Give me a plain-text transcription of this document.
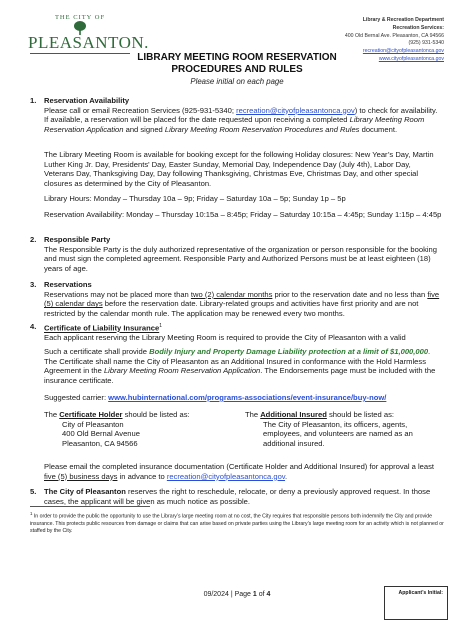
THE CITY OF
PLEASANTON.
Library & Recreation Department
Recreation Services:
400 Old Bernal Ave. Pleasanton, CA 94566
(925) 931-5340
recreation@cityofpleasantonca.gov
www.cityofpleasantonca.gov
LIBRARY MEETING ROOM RESERVATION
PROCEDURES AND RULES
Please initial on each page
1. Reservation Availability
Please call or email Recreation Services (925-931-5340; recreation@cityofpleasantonca.gov) to check for availability. If available, a reservation will be placed for the date requested upon receiving a completed Library Meeting Room Reservation Application and signed Library Meeting Room Reservation Procedures and Rules document.
The Library Meeting Room is available for booking except for the following Holiday closures: New Year’s Day, Martin Luther King Jr. Day, Presidents' Day, Easter Sunday, Memorial Day, Independence Day (July 4th), Labor Day, Veterans Day, Thanksgiving Day, Day following Thanksgiving, Christmas Eve, Christmas Day, and other special closures as determined by the City of Pleasanton.
Library Hours: Monday – Thursday 10a – 9p; Friday – Saturday 10a – 5p; Sunday 1p – 5p
Reservation Availability: Monday – Thursday 10:15a – 8:45p; Friday – Saturday 10:15a – 4:45p; Sunday 1:15p – 4:45p
2. Responsible Party
The Responsible Party is the duly authorized representative of the organization or person responsible for the booking and must sign the completed agreement. Responsible Party and Authorized Persons must be at least eighteen (18) years of age.
3. Reservations
Reservations may not be placed more than two (2) calendar months prior to the reservation date and no less than five (5) calendar days before the reservation date. Library-related groups and activities have first priority and are not restricted by the calendar month rule. The application may be renewed every two months.
4. Certificate of Liability Insurance$^1$
Each applicant reserving the Library Meeting Room is required to provide the City of Pleasanton with a valid
Such a certificate shall provide Bodily Injury and Property Damage Liability protection at a limit of $1,000,000. The Certificate shall name the City of Pleasanton as an Additional Insured in conformance with the Hold Harmless Agreement in the Library Meeting Room Reservation Application. The Endorsements page must be included with the insurance certificate.
Suggested carrier: www.hubinternational.com/programs-associations/event-insurance/buy-now/
The Certificate Holder should be listed as:
City of Pleasanton
400 Old Bernal Avenue
Pleasanton, CA 94566
The Additional Insured should be listed as:
The City of Pleasanton, its officers, agents, employees, and volunteers are named as an additional insured.
Please email the completed insurance documentation (Certificate Holder and Additional Insured) for approval a least five (5) business days in advance to recreation@cityofpleasantonca.gov.
5. The City of Pleasanton reserves the right to reschedule, relocate, or deny a previously approved request. In those cases, the applicant will be given as much notice as possible.
$^1$ In order to provide the public the opportunity to use the Library’s large meeting room at no cost, the City requires that responsible persons both indemnify the City and provide insurance. This protects public resources from damage or claims that can arise based on private parties using the Library’s large meeting room for an activity which is not planned or staffed by the City.
09/2024 | Page 1 of 4	Applicant’s Initial:
